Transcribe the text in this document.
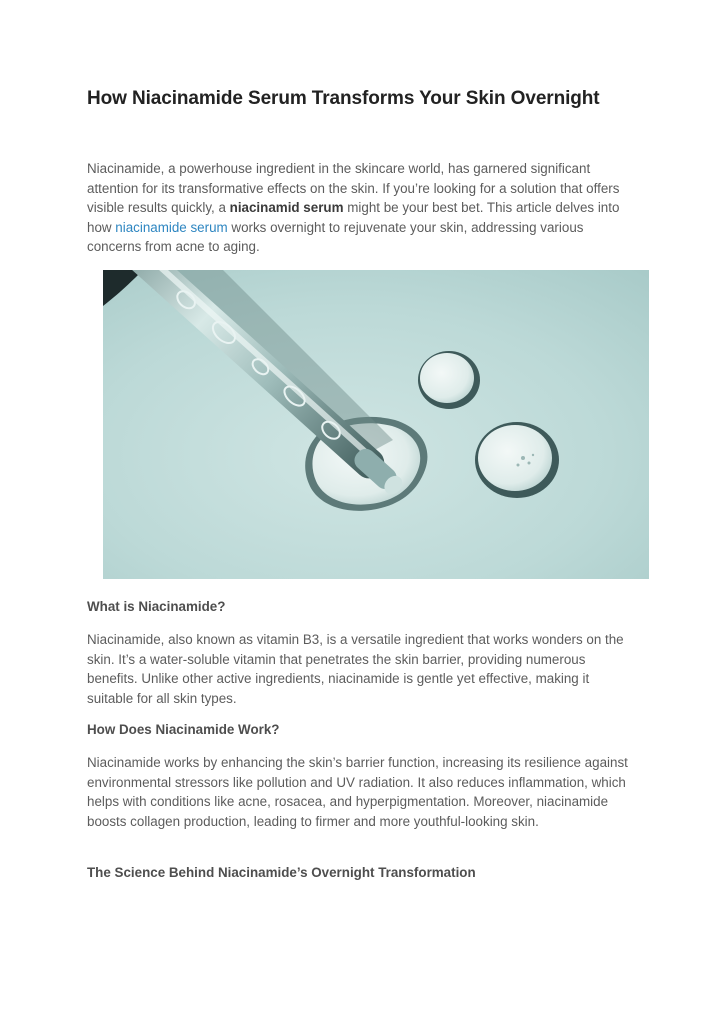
How Niacinamide Serum Transforms Your Skin Overnight

Niacinamide, a powerhouse ingredient in the skincare world, has garnered significant attention for its transformative effects on the skin. If you’re looking for a solution that offers visible results quickly, a niacinamid serum might be your best bet. This article delves into how niacinamide serum works overnight to rejuvenate your skin, addressing various concerns from acne to aging.

What is Niacinamide?

Niacinamide, also known as vitamin B3, is a versatile ingredient that works wonders on the skin. It’s a water-soluble vitamin that penetrates the skin barrier, providing numerous benefits. Unlike other active ingredients, niacinamide is gentle yet effective, making it suitable for all skin types.

How Does Niacinamide Work?

Niacinamide works by enhancing the skin’s barrier function, increasing its resilience against environmental stressors like pollution and UV radiation. It also reduces inflammation, which helps with conditions like acne, rosacea, and hyperpigmentation. Moreover, niacinamide boosts collagen production, leading to firmer and more youthful-looking skin.

The Science Behind Niacinamide’s Overnight Transformation
